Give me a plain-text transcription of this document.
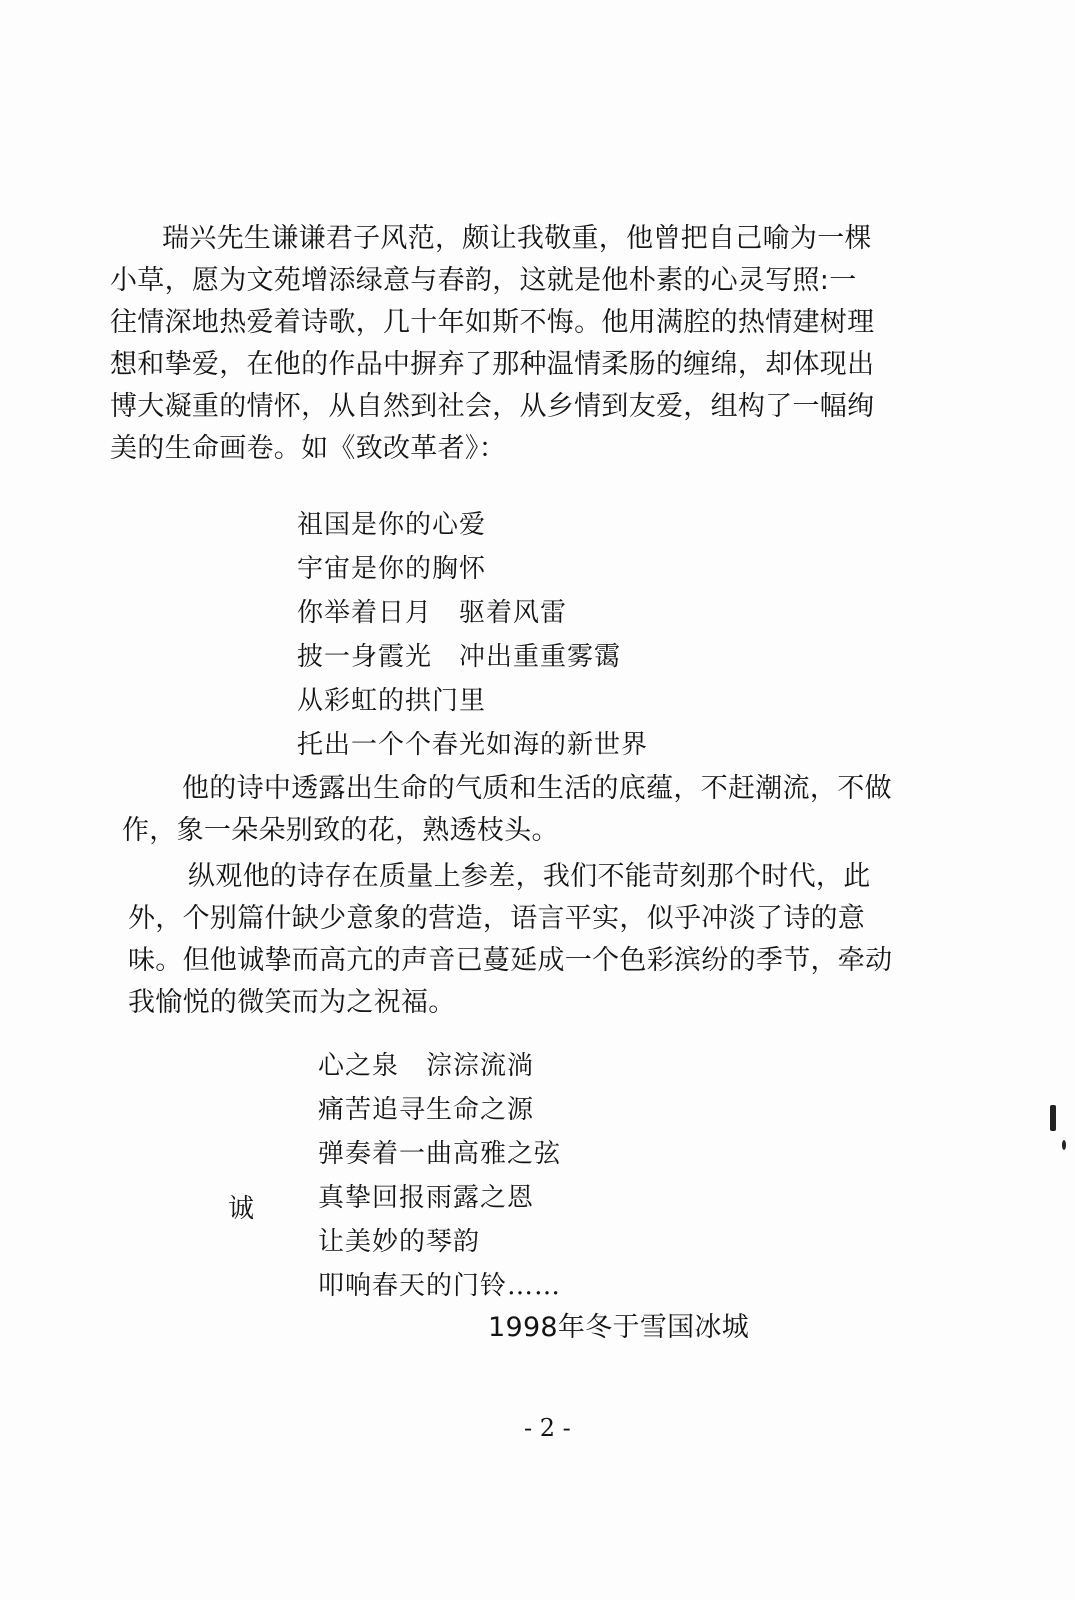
瑞兴先生谦谦君子风范，颇让我敬重，他曾把自己喻为一棵
小草，愿为文苑增添绿意与春韵，这就是他朴素的心灵写照:一
往情深地热爱着诗歌，几十年如斯不悔。他用满腔的热情建树理
想和挚爱，在他的作品中摒弃了那种温情柔肠的缠绵，却体现出
博大凝重的情怀，从自然到社会，从乡情到友爱，组构了一幅绚
美的生命画卷。如《致改革者》：
祖国是你的心爱
宇宙是你的胸怀
你举着日月　驱着风雷
披一身霞光　冲出重重雾霭
从彩虹的拱门里
托出一个个春光如海的新世界
他的诗中透露出生命的气质和生活的底蕴，不赶潮流，不做
作，象一朵朵别致的花，熟透枝头。
纵观他的诗存在质量上参差，我们不能苛刻那个时代，此
外，个别篇什缺少意象的营造，语言平实，似乎冲淡了诗的意
味。但他诚挚而高亢的声音已蔓延成一个色彩滨纷的季节，牵动
我愉悦的微笑而为之祝福。
心之泉　淙淙流淌
痛苦追寻生命之源
弹奏着一曲高雅之弦
真挚回报雨露之恩
让美妙的琴韵
叩响春天的门铃……
诚
1998年冬于雪国冰城
- 2 -
